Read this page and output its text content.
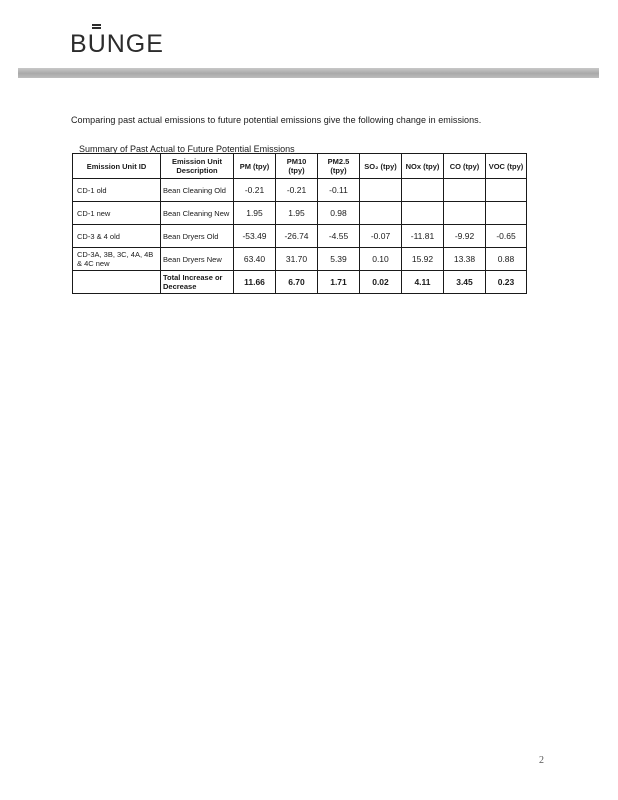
BUNGE
Comparing past actual emissions to future potential emissions give the following change in emissions.
Summary of Past Actual to Future Potential Emissions
Emission Unit ID	Emission Unit Description	PM (tpy)	PM10 (tpy)	PM2.5 (tpy)	SO₂ (tpy)	NOx (tpy)	CO (tpy)	VOC (tpy)
CD-1 old	Bean Cleaning Old	-0.21	-0.21	-0.11				
CD-1 new	Bean Cleaning New	1.95	1.95	0.98				
CD-3 & 4 old	Bean Dryers Old	-53.49	-26.74	-4.55	-0.07	-11.81	-9.92	-0.65
CD-3A, 3B, 3C, 4A, 4B & 4C new	Bean Dryers New	63.40	31.70	5.39	0.10	15.92	13.38	0.88
	Total Increase or Decrease	11.66	6.70	1.71	0.02	4.11	3.45	0.23
2
